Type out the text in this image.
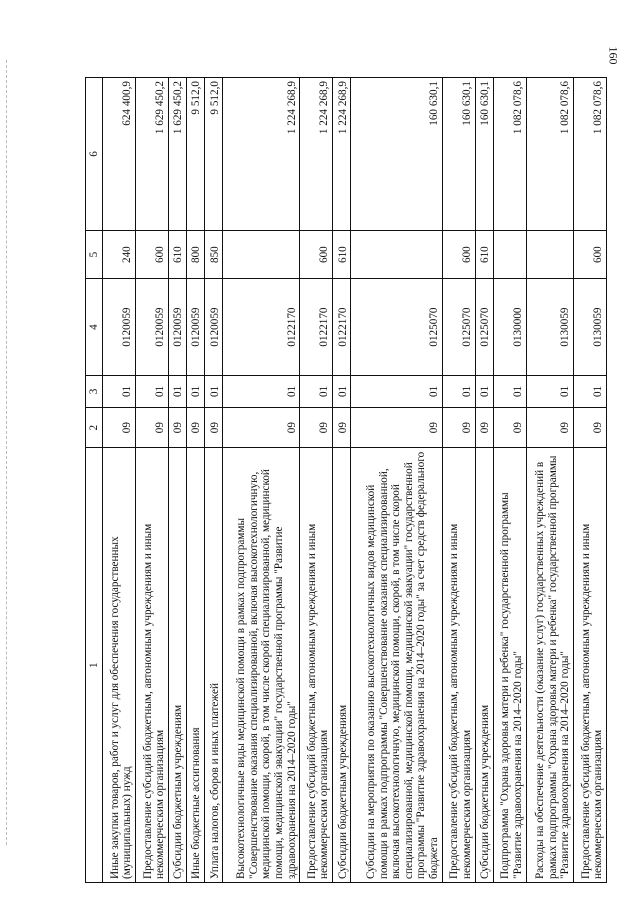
160
1	2	3	4	5	6
Иные закупки товаров, работ и услуг для обеспечения государственных (муниципальных) нужд	09	01	0120059	240	624 400,9
Предоставление субсидий бюджетным, автономным учреждениям и иным некоммерческим организациям	09	01	0120059	600	1 629 450,2
Субсидии бюджетным учреждениям	09	01	0120059	610	1 629 450,2
Иные бюджетные ассигнования	09	01	0120059	800	9 512,0
Уплата налогов, сборов и иных платежей	09	01	0120059	850	9 512,0
Высокотехнологичные виды медицинской помощи в рамках подпрограммы "Совершенствование оказания специализированной, включая высокотехнологичную, медицинской помощи, скорой, в том числе скорой специализированной, медицинской помощи, медицинской эвакуации" государственной программы "Развитие здравоохранения на 2014–2020 годы"	09	01	0122170		1 224 268,9
Предоставление субсидий бюджетным, автономным учреждениям и иным некоммерческим организациям	09	01	0122170	600	1 224 268,9
Субсидии бюджетным учреждениям	09	01	0122170	610	1 224 268,9
Субсидии на мероприятия по оказанию высокотехнологичных видов медицинской помощи в рамках подпрограммы "Совершенствование оказания специализированной, включая высокотехнологичную, медицинской помощи, скорой, в том числе скорой специализированной, медицинской помощи, медицинской эвакуации" государственной программы "Развитие здравоохранения на 2014–2020 годы" за счет средств федерального бюджета	09	01	0125070		160 630,1
Предоставление субсидий бюджетным, автономным учреждениям и иным некоммерческим организациям	09	01	0125070	600	160 630,1
Субсидии бюджетным учреждениям	09	01	0125070	610	160 630,1
Подпрограмма "Охрана здоровья матери и ребенка" государственной программы "Развитие здравоохранения на 2014–2020 годы"	09	01	0130000		1 082 078,6
Расходы на обеспечение деятельности (оказание услуг) государственных учреждений в рамках подпрограммы "Охрана здоровья матери и ребенка" государственной программы "Развитие здравоохранения на 2014–2020 годы"	09	01	0130059		1 082 078,6
Предоставление субсидий бюджетным, автономным учреждениям и иным некоммерческим организациям	09	01	0130059	600	1 082 078,6
